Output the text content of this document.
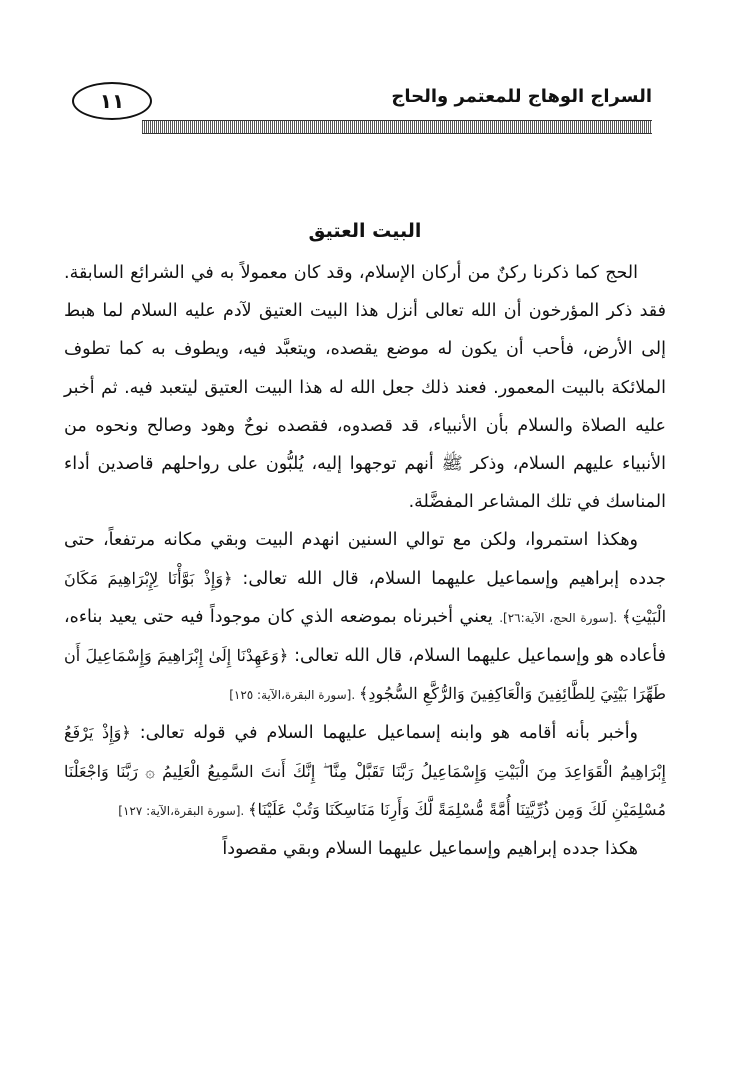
١١	السراج الوهاج للمعتمر والحاج
البيت العتيق

الحج كما ذكرنا ركنٌ من أركان الإسلام، وقد كان معمولاً به في الشرائع السابقة. فقد ذكر المؤرخون أن الله تعالى أنزل هذا البيت العتيق لآدم عليه السلام لما هبط إلى الأرض، فأحب أن يكون له موضع يقصده، ويتعبَّد فيه، ويطوف به كما تطوف الملائكة بالبيت المعمور. فعند ذلك جعل الله له هذا البيت العتيق ليتعبد فيه. ثم أخبر عليه الصلاة والسلام بأن الأنبياء، قد قصدوه، فقصده نوحٌ وهود وصالح ونحوه من الأنبياء عليهم السلام، وذكر ﷺ أنهم توجهوا إليه، يُلبُّون على رواحلهم قاصدين أداء المناسك في تلك المشاعر المفضَّلة.

وهكذا استمروا، ولكن مع توالي السنين انهدم البيت وبقي مكانه مرتفعاً، حتى جدده إبراهيم وإسماعيل عليهما السلام، قال الله تعالى: ﴿وَإِذْ بَوَّأْنَا لِإِبْرَاهِيمَ مَكَانَ الْبَيْتِ﴾ .[سورة الحج، الآية:٢٦]. يعني أخبرناه بموضعه الذي كان موجوداً فيه حتى يعيد بناءه، فأعاده هو وإسماعيل عليهما السلام، قال الله تعالى: ﴿وَعَهِدْنَا إِلَىٰ إِبْرَاهِيمَ وَإِسْمَاعِيلَ أَن طَهِّرَا بَيْتِيَ لِلطَّائِفِينَ وَالْعَاكِفِينَ وَالرُّكَّعِ السُّجُودِ﴾ .[سورة البقرة،الآية: ١٢٥]

وأخبر بأنه أقامه هو وابنه إسماعيل عليهما السلام في قوله تعالى: ﴿وَإِذْ يَرْفَعُ إِبْرَاهِيمُ الْقَوَاعِدَ مِنَ الْبَيْتِ وَإِسْمَاعِيلُ رَبَّنَا تَقَبَّلْ مِنَّا ۖ إِنَّكَ أَنتَ السَّمِيعُ الْعَلِيمُ ۞ رَبَّنَا وَاجْعَلْنَا مُسْلِمَيْنِ لَكَ وَمِن ذُرِّيَّتِنَا أُمَّةً مُّسْلِمَةً لَّكَ وَأَرِنَا مَنَاسِكَنَا وَتُبْ عَلَيْنَا﴾ .[سورة البقرة،الآية: ١٢٧]

هكذا جدده إبراهيم وإسماعيل عليهما السلام وبقي مقصوداً
